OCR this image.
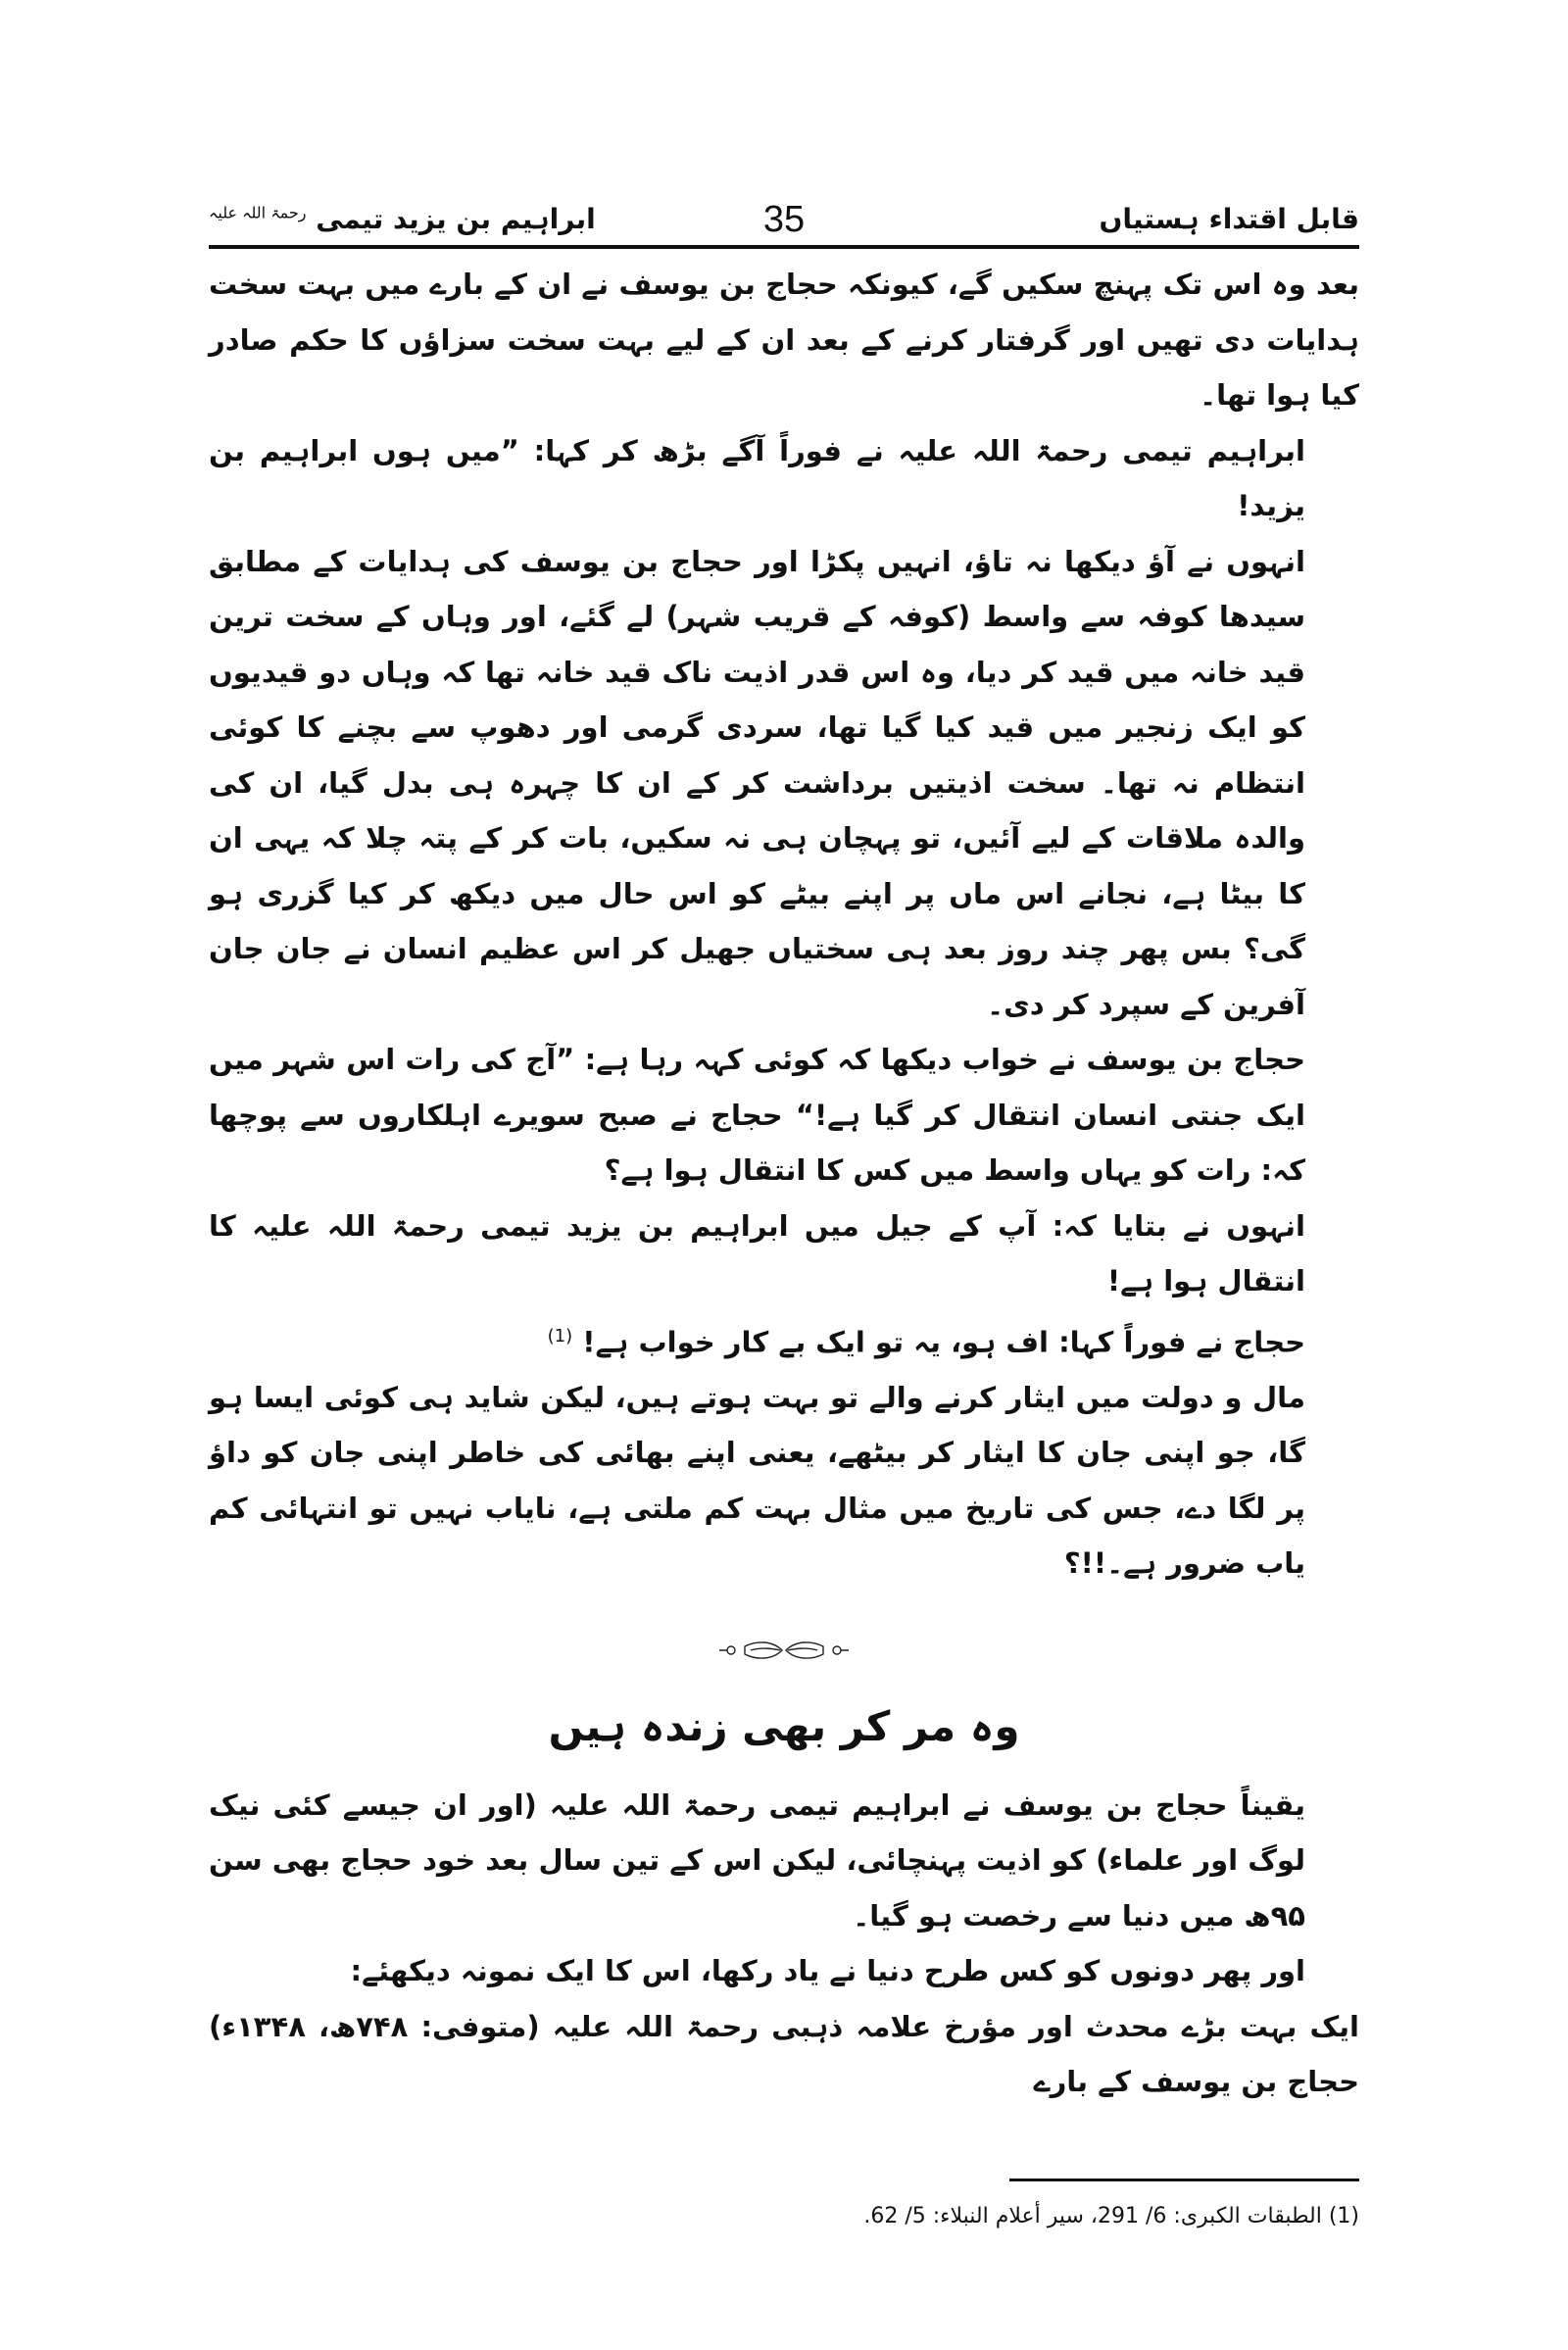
قابل اقتداء ہستیاں
35
ابراہیم بن یزید تیمی $^{رحمۃ اللہ علیہ}$

بعد وہ اس تک پہنچ سکیں گے، کیونکہ حجاج بن یوسف نے ان کے بارے میں بہت سخت ہدایات دی تھیں اور گرفتار کرنے کے بعد ان کے لیے بہت سخت سزاؤں کا حکم صادر کیا ہوا تھا۔

ابراہیم تیمی رحمۃ اللہ علیہ نے فوراً آگے بڑھ کر کہا: ”میں ہوں ابراہیم بن یزید!

انہوں نے آؤ دیکھا نہ تاؤ، انہیں پکڑا اور حجاج بن یوسف کی ہدایات کے مطابق سیدھا کوفہ سے واسط (کوفہ کے قریب شہر) لے گئے، اور وہاں کے سخت ترین قید خانہ میں قید کر دیا، وہ اس قدر اذیت ناک قید خانہ تھا کہ وہاں دو قیدیوں کو ایک زنجیر میں قید کیا گیا تھا، سردی گرمی اور دھوپ سے بچنے کا کوئی انتظام نہ تھا۔ سخت اذیتیں برداشت کر کے ان کا چہرہ ہی بدل گیا، ان کی والدہ ملاقات کے لیے آئیں، تو پہچان ہی نہ سکیں، بات کر کے پتہ چلا کہ یہی ان کا بیٹا ہے، نجانے اس ماں پر اپنے بیٹے کو اس حال میں دیکھ کر کیا گزری ہو گی؟ بس پھر چند روز بعد ہی سختیاں جھیل کر اس عظیم انسان نے جان جان آفرین کے سپرد کر دی۔

حجاج بن یوسف نے خواب دیکھا کہ کوئی کہہ رہا ہے: ”آج کی رات اس شہر میں ایک جنتی انسان انتقال کر گیا ہے!“ حجاج نے صبح سویرے اہلکاروں سے پوچھا کہ: رات کو یہاں واسط میں کس کا انتقال ہوا ہے؟

انہوں نے بتایا کہ: آپ کے جیل میں ابراہیم بن یزید تیمی رحمۃ اللہ علیہ کا انتقال ہوا ہے!

حجاج نے فوراً کہا: اف ہو، یہ تو ایک بے کار خواب ہے! $^{(1)}$

مال و دولت میں ایثار کرنے والے تو بہت ہوتے ہیں، لیکن شاید ہی کوئی ایسا ہو گا، جو اپنی جان کا ایثار کر بیٹھے، یعنی اپنے بھائی کی خاطر اپنی جان کو داؤ پر لگا دے، جس کی تاریخ میں مثال بہت کم ملتی ہے، نایاب نہیں تو انتہائی کم یاب ضرور ہے۔!!؟

وہ مر کر بھی زندہ ہیں

یقیناً حجاج بن یوسف نے ابراہیم تیمی رحمۃ اللہ علیہ (اور ان جیسے کئی نیک لوگ اور علماء) کو اذیت پہنچائی، لیکن اس کے تین سال بعد خود حجاج بھی سن ۹۵ھ میں دنیا سے رخصت ہو گیا۔

اور پھر دونوں کو کس طرح دنیا نے یاد رکھا، اس کا ایک نمونہ دیکھئے:

ایک بہت بڑے محدث اور مؤرخ علامہ ذہبی رحمۃ اللہ علیہ (متوفی: ۷۴۸ھ، ۱۳۴۸ء) حجاج بن یوسف کے بارے

(1) الطبقات الكبرى: 6/ 291، سير أعلام النبلاء: 5/ 62.
